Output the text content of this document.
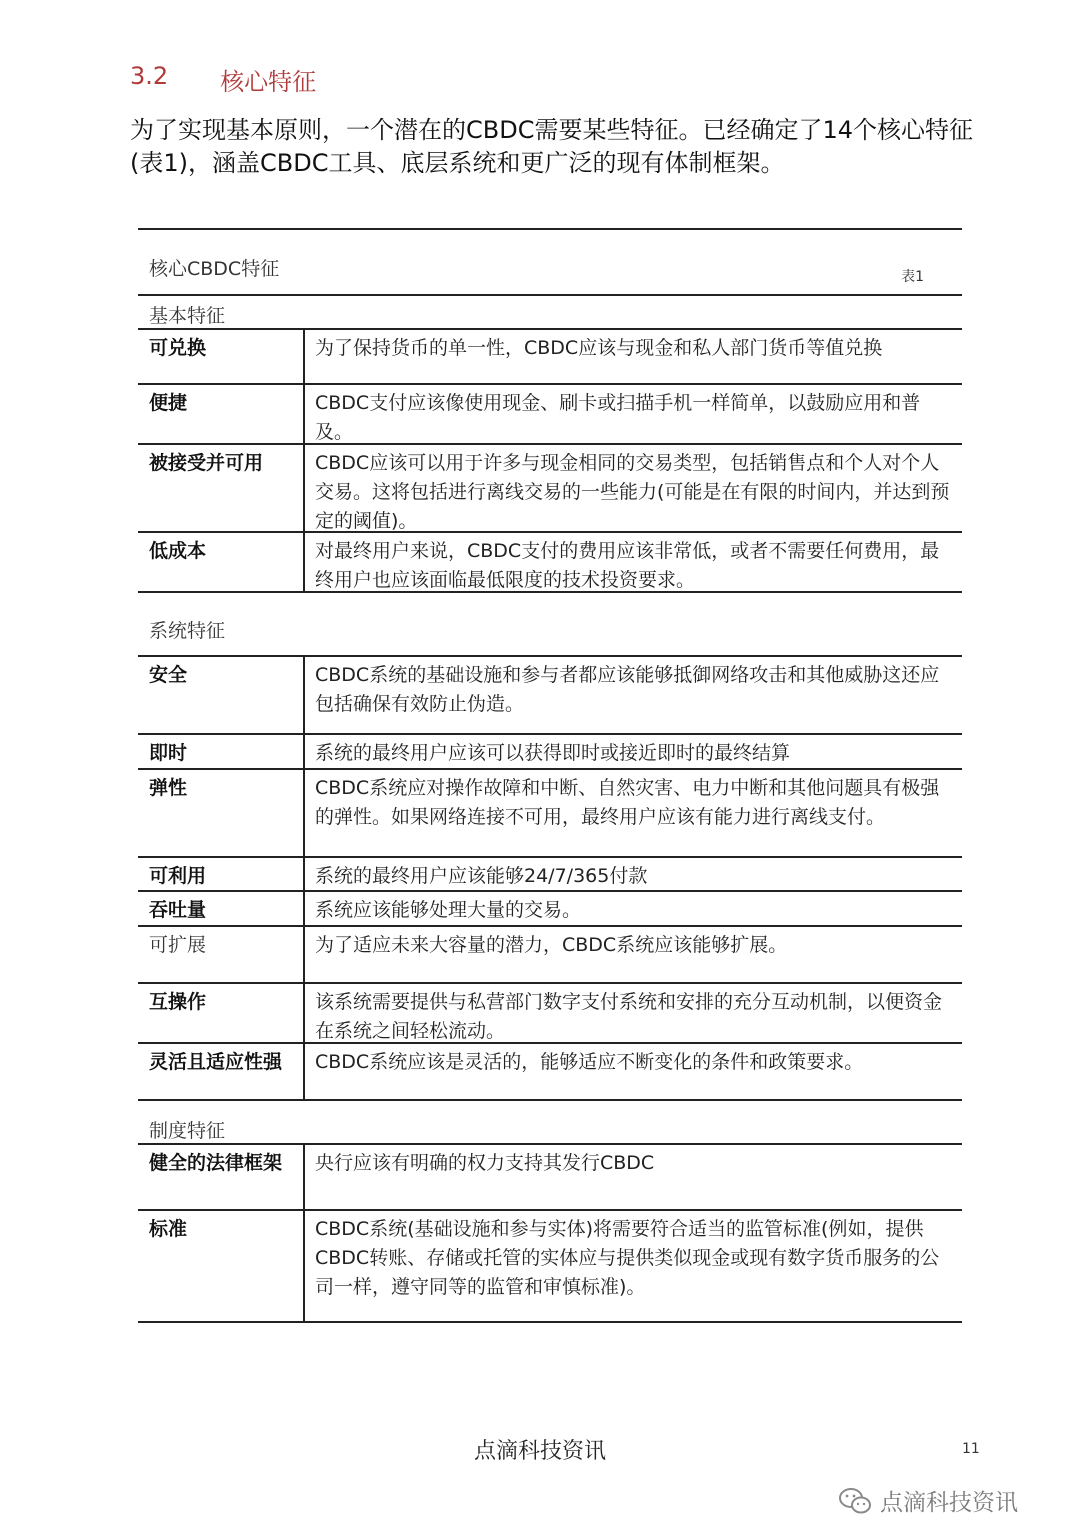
3.2 核心特征

为了实现基本原则，一个潜在的CBDC需要某些特征。已经确定了14个核心特征(表1)，涵盖CBDC工具、底层系统和更广泛的现有体制框架。

核心CBDC特征	表1
基本特征
可兑换	为了保持货币的单一性，CBDC应该与现金和私人部门货币等值兑换
便捷	CBDC支付应该像使用现金、刷卡或扫描手机一样简单，以鼓励应用和普及。
被接受并可用	CBDC应该可以用于许多与现金相同的交易类型，包括销售点和个人对个人交易。这将包括进行离线交易的一些能力(可能是在有限的时间内，并达到预定的阈值)。
低成本	对最终用户来说，CBDC支付的费用应该非常低，或者不需要任何费用，最终用户也应该面临最低限度的技术投资要求。
系统特征
安全	CBDC系统的基础设施和参与者都应该能够抵御网络攻击和其他威胁这还应包括确保有效防止伪造。
即时	系统的最终用户应该可以获得即时或接近即时的最终结算
弹性	CBDC系统应对操作故障和中断、自然灾害、电力中断和其他问题具有极强的弹性。如果网络连接不可用，最终用户应该有能力进行离线支付。
可利用	系统的最终用户应该能够24/7/365付款
吞吐量	系统应该能够处理大量的交易。
可扩展	为了适应未来大容量的潜力，CBDC系统应该能够扩展。
互操作	该系统需要提供与私营部门数字支付系统和安排的充分互动机制，以便资金在系统之间轻松流动。
灵活且适应性强	CBDC系统应该是灵活的，能够适应不断变化的条件和政策要求。
制度特征
健全的法律框架	央行应该有明确的权力支持其发行CBDC
标准	CBDC系统(基础设施和参与实体)将需要符合适当的监管标准(例如，提供CBDC转账、存储或托管的实体应与提供类似现金或现有数字货币服务的公司一样，遵守同等的监管和审慎标准)。
点滴科技资讯	11
点滴科技资讯
